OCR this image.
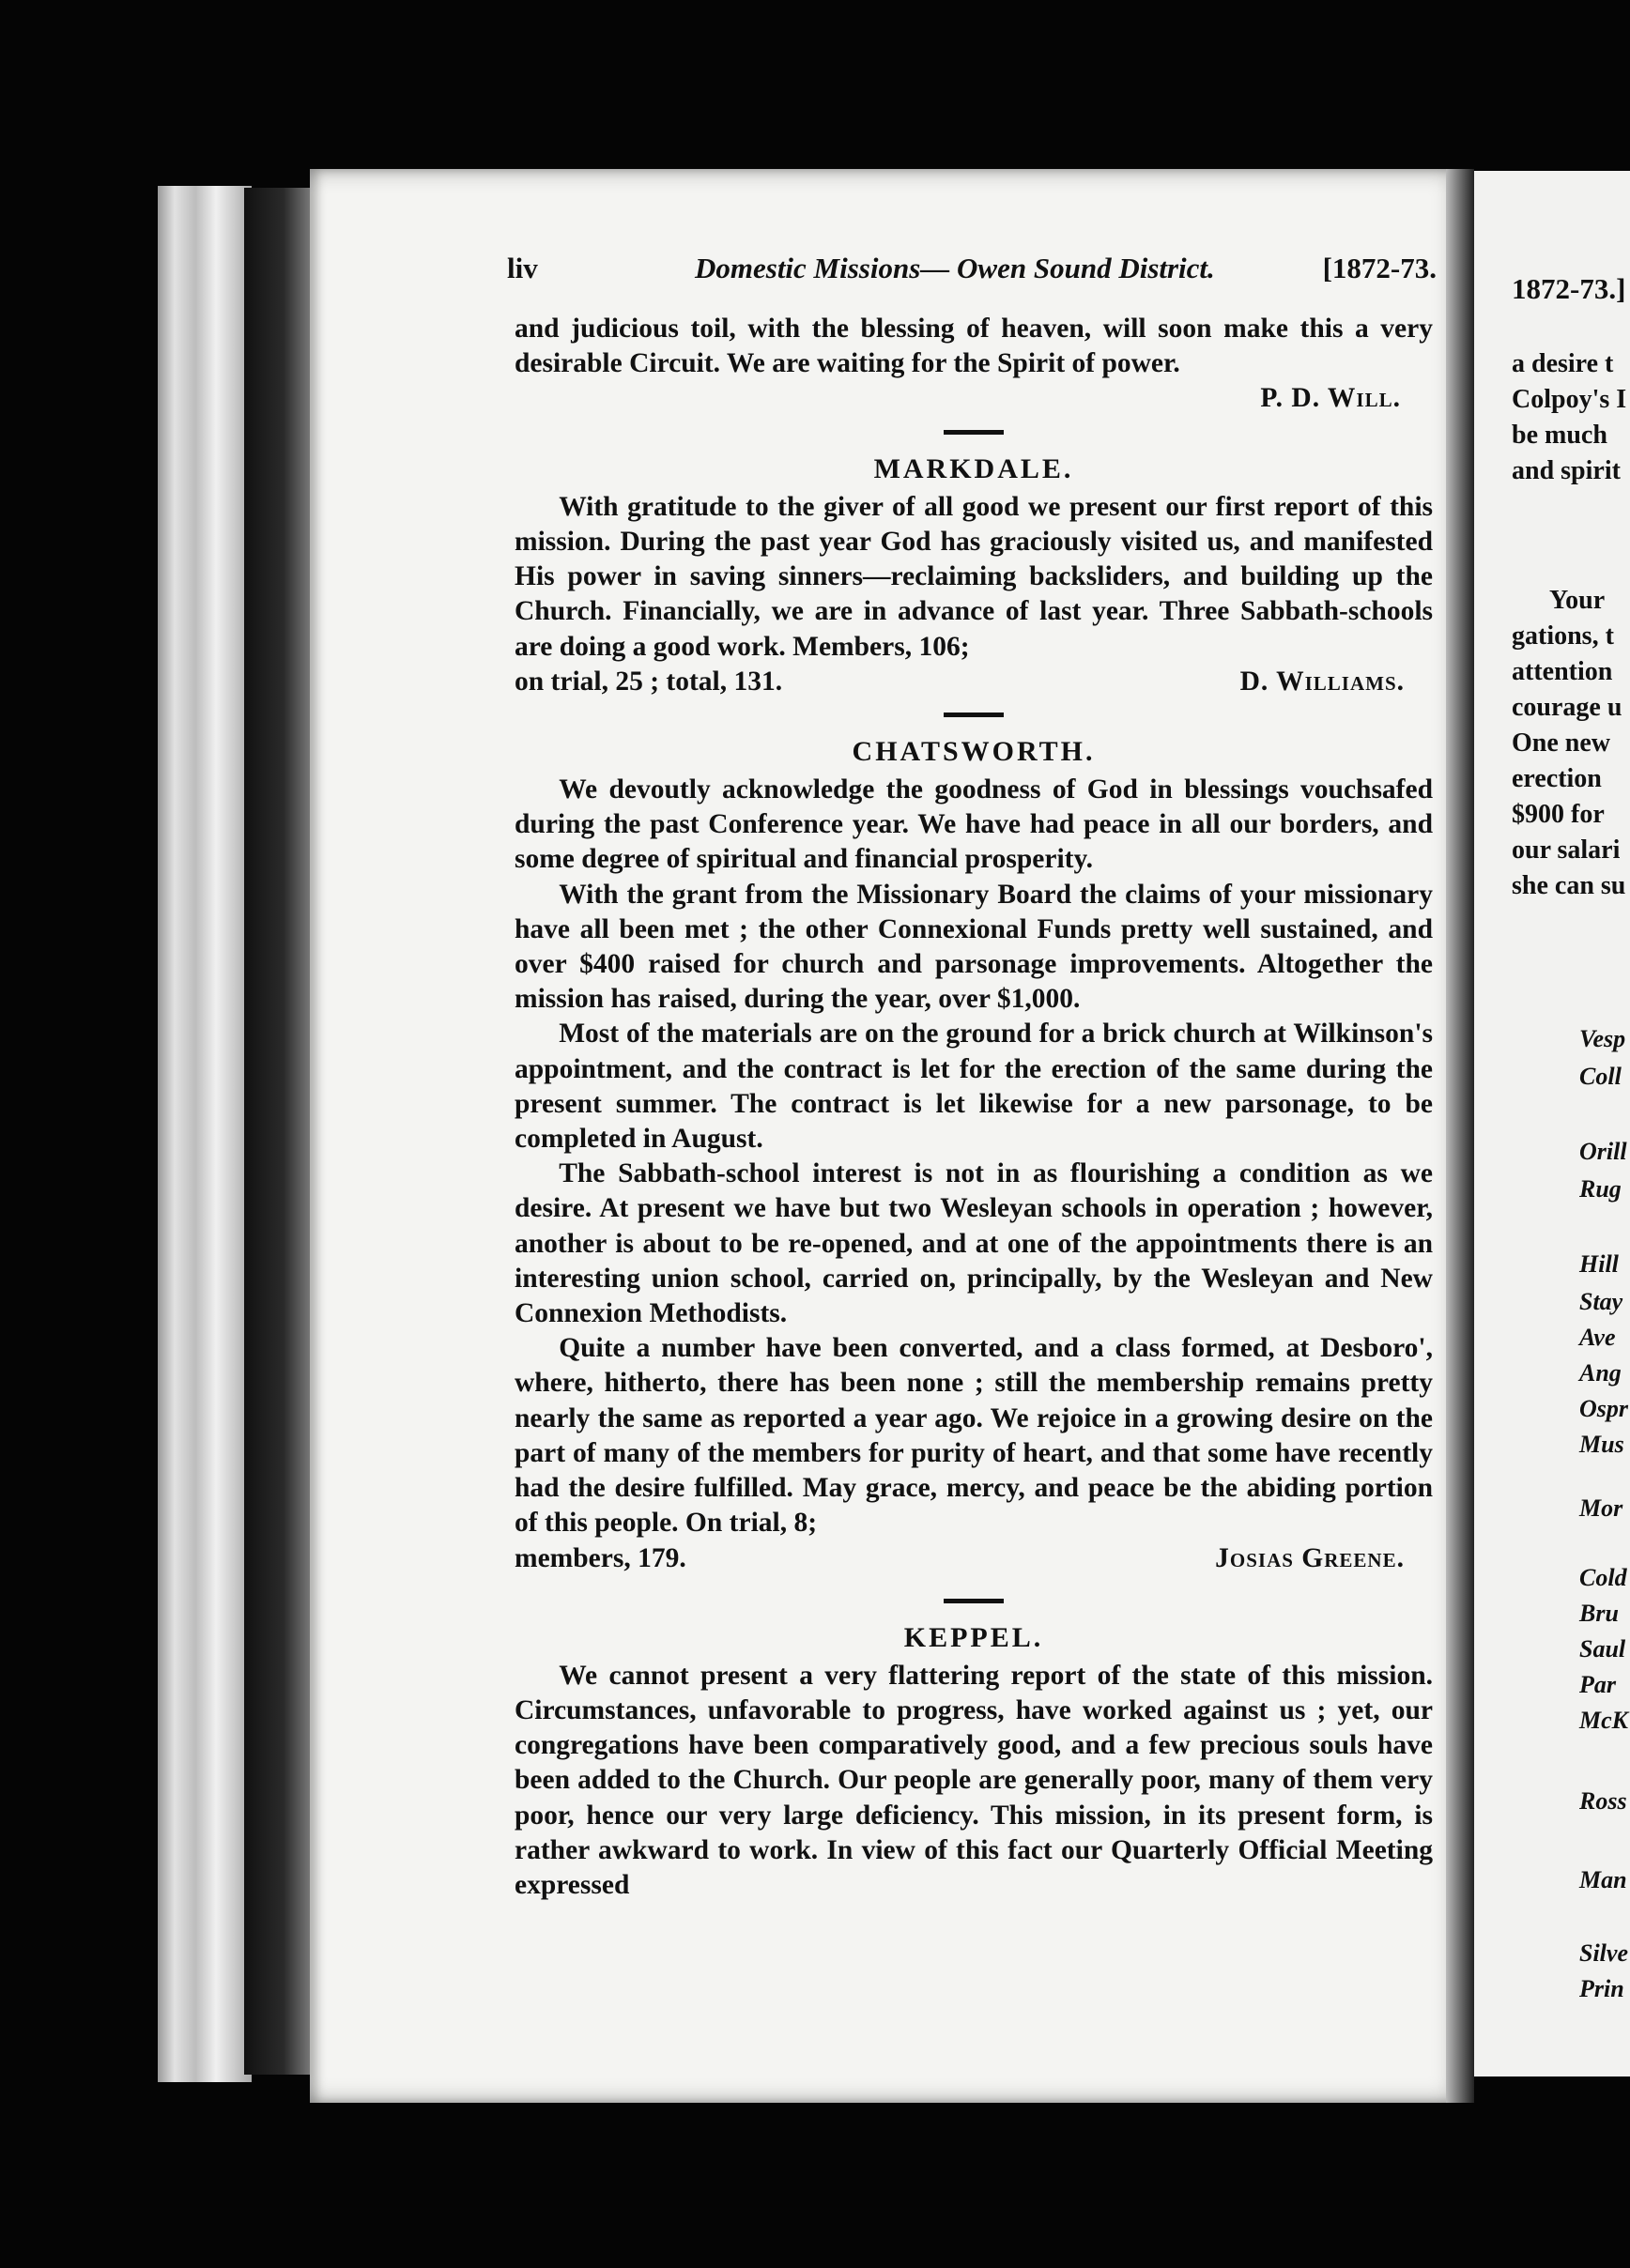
liv	Domestic Missions— Owen Sound District.	[1872-73.

and judicious toil, with the blessing of heaven, will soon make this a very desirable Circuit. We are waiting for the Spirit of power.

P. D. Will.

MARKDALE.

With gratitude to the giver of all good we present our first report of this mission. During the past year God has graciously visited us, and manifested His power in saving sinners—reclaiming backsliders, and building up the Church. Financially, we are in advance of last year. Three Sabbath-schools are doing a good work. Members, 106;

on trial, 25 ; total, 131.	D. Williams.

CHATSWORTH.

We devoutly acknowledge the goodness of God in blessings vouchsafed during the past Conference year. We have had peace in all our borders, and some degree of spiritual and financial prosperity.

With the grant from the Missionary Board the claims of your missionary have all been met ; the other Connexional Funds pretty well sustained, and over $400 raised for church and parsonage improvements. Altogether the mission has raised, during the year, over $1,000.

Most of the materials are on the ground for a brick church at Wilkinson's appointment, and the contract is let for the erection of the same during the present summer. The contract is let likewise for a new parsonage, to be completed in August.

The Sabbath-school interest is not in as flourishing a condition as we desire. At present we have but two Wesleyan schools in operation ; however, another is about to be re-opened, and at one of the appointments there is an interesting union school, carried on, principally, by the Wesleyan and New Connexion Methodists.

Quite a number have been converted, and a class formed, at Desboro', where, hitherto, there has been none ; still the membership remains pretty nearly the same as reported a year ago. We rejoice in a growing desire on the part of many of the members for purity of heart, and that some have recently had the desire fulfilled. May grace, mercy, and peace be the abiding portion of this people. On trial, 8;

members, 179.	Josias Greene.

KEPPEL.

We cannot present a very flattering report of the state of this mission. Circumstances, unfavorable to progress, have worked against us ; yet, our congregations have been comparatively good, and a few precious souls have been added to the Church. Our people are generally poor, many of them very poor, hence our very large deficiency. This mission, in its present form, is rather awkward to work. In view of this fact our Quarterly Official Meeting expressed

1872-73.]
a desire t
Colpoy's I
be much
and spirit
Your
gations, t
attention
courage u
One new
erection
$900 for
our salari
she can su
Vesp
Coll
Orill
Rug
Hill
Stay
Ave
Ang
Ospr
Mus
Mor
Cold
Bru
Saul
Par
McK
Ross
Man
Silve
Prin
